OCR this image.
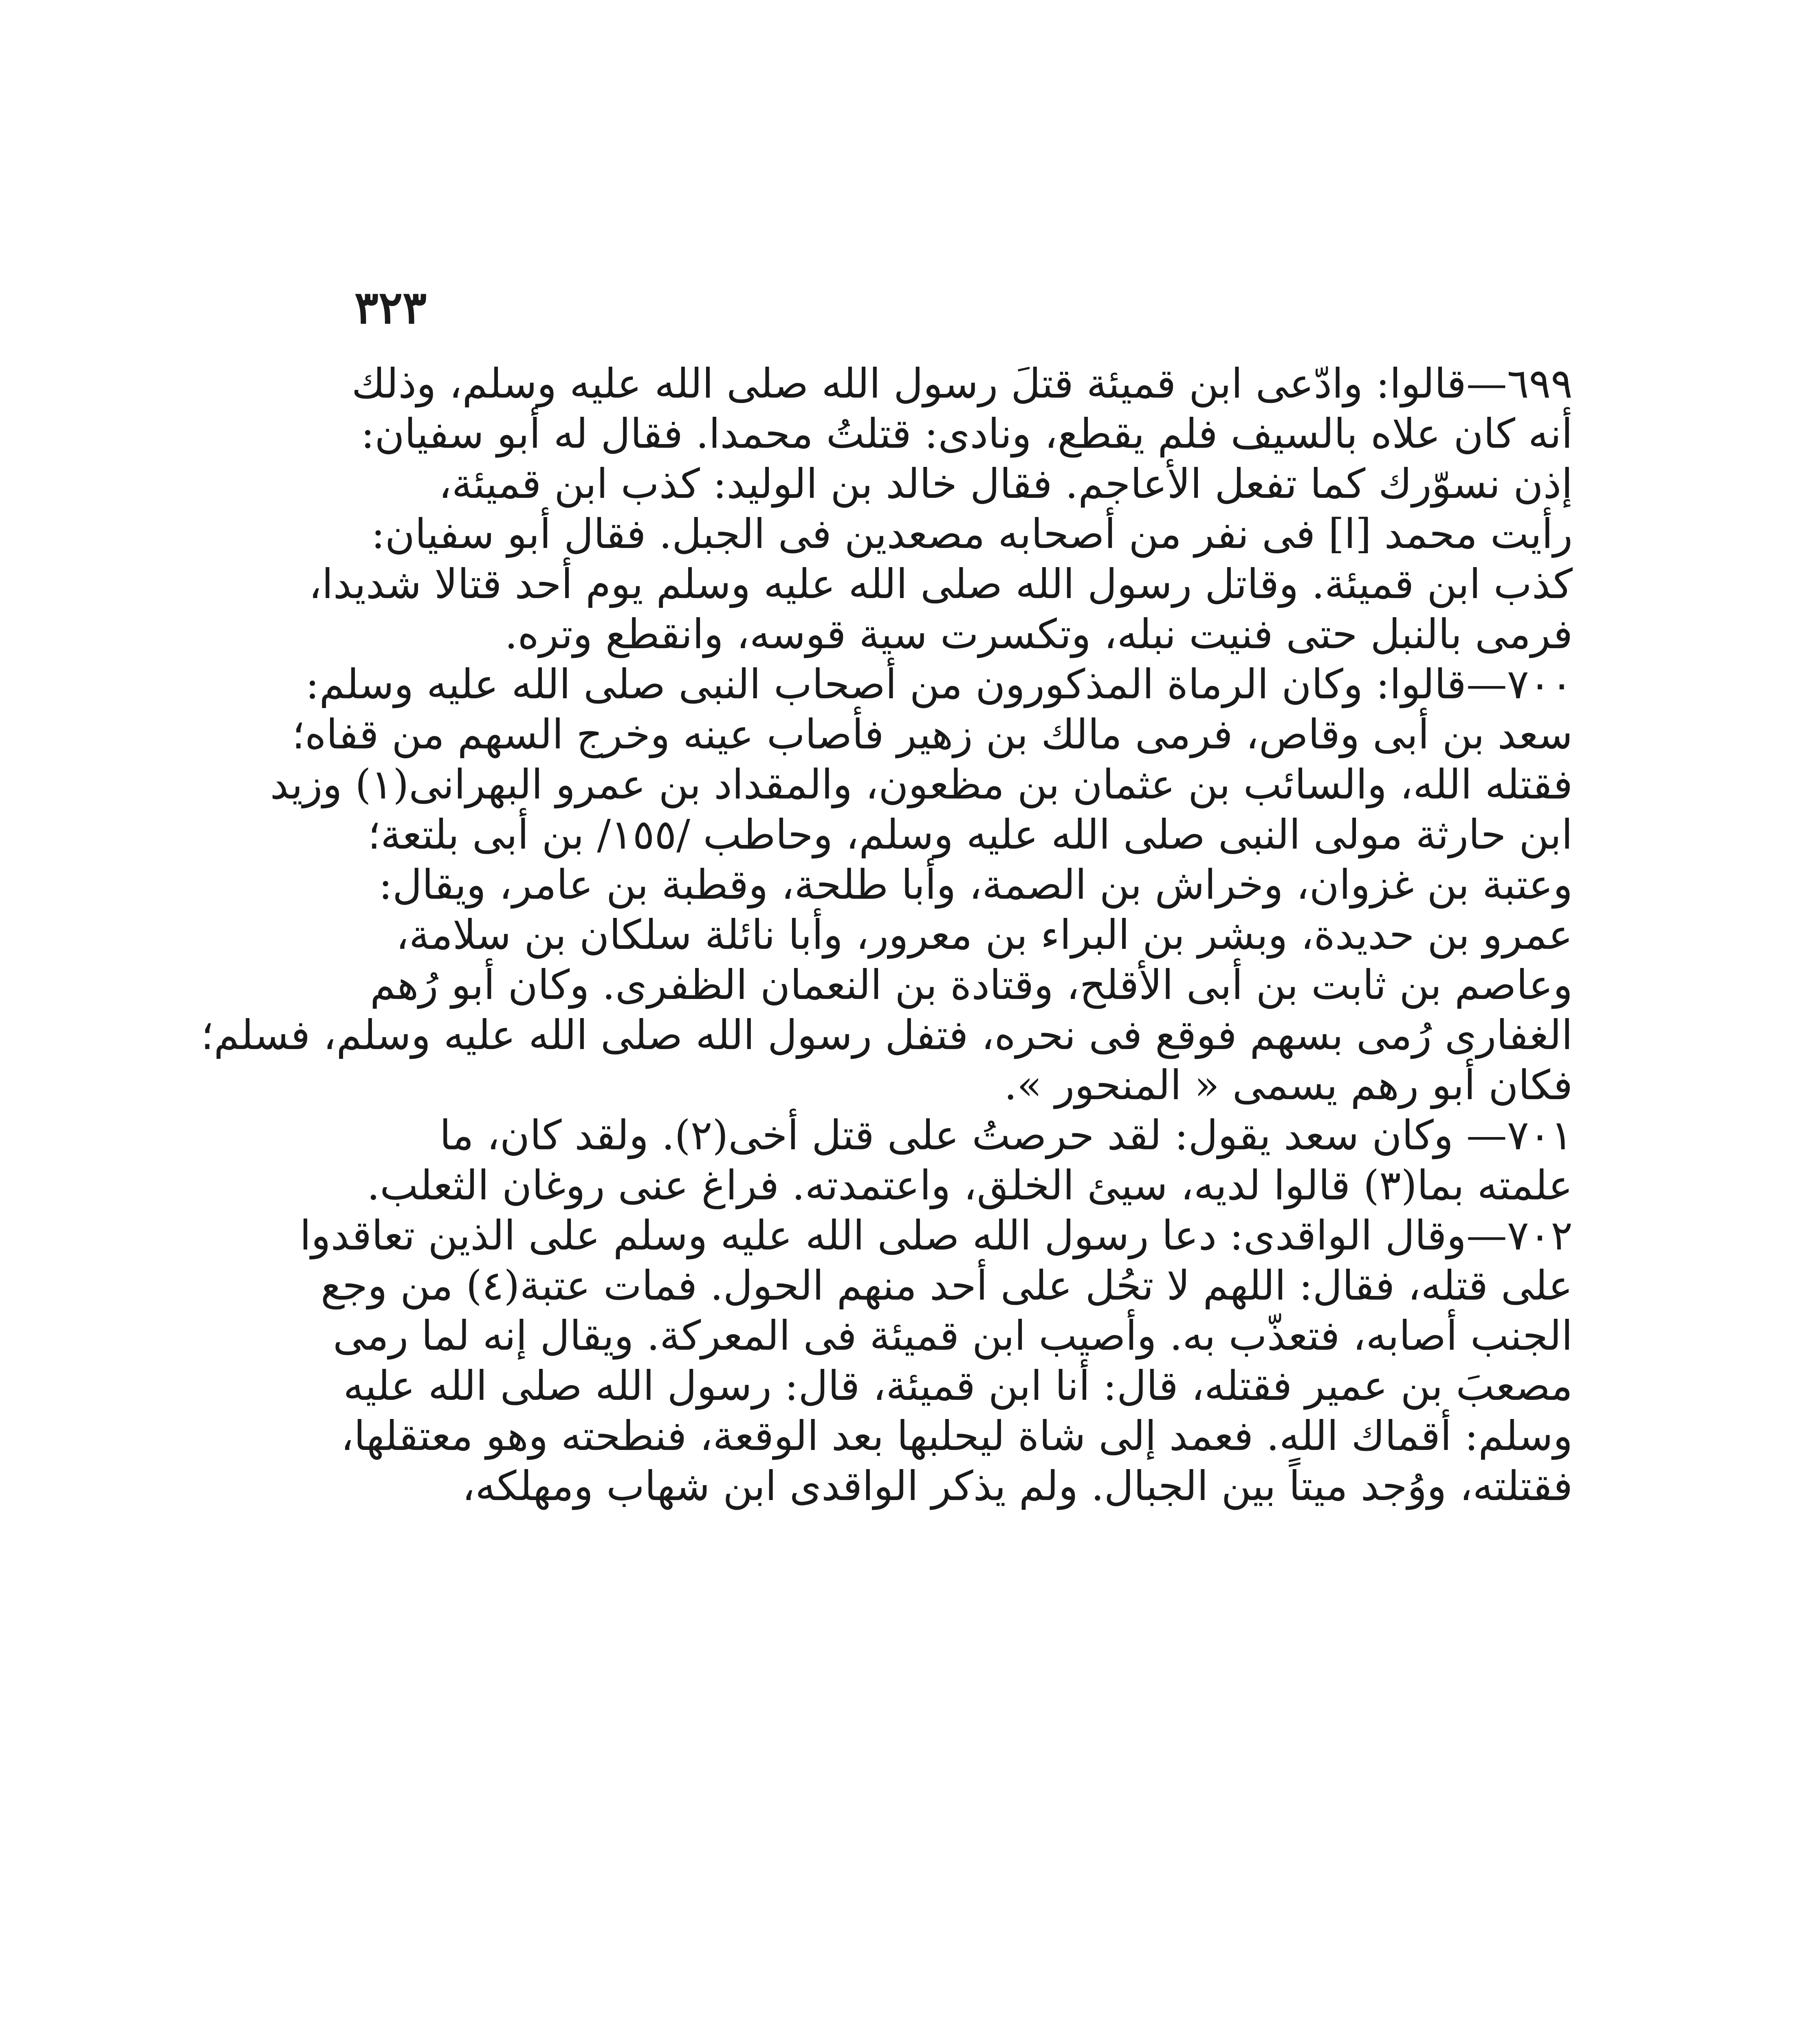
٣٢٣
٦٩٩—قالوا: وادّعى ابن قميئة قتلَ رسول الله صلى الله عليه وسلم، وذلك
أنه كان علاه بالسيف فلم يقطع، ونادى: قتلتُ محمدا. فقال له أبو سفيان:
إذن نسوّرك كما تفعل الأعاجم. فقال خالد بن الوليد: كذب ابن قميئة،
رأيت محمد [ا] فى نفر من أصحابه مصعدين فى الجبل. فقال أبو سفيان:
كذب ابن قميئة. وقاتل رسول الله صلى الله عليه وسلم يوم أحد قتالا شديدا،
فرمى بالنبل حتى فنيت نبله، وتكسرت سية قوسه، وانقطع وتره.
٧٠٠—قالوا: وكان الرماة المذكورون من أصحاب النبى صلى الله عليه وسلم:
سعد بن أبى وقاص، فرمى مالك بن زهير فأصاب عينه وخرج السهم من قفاه؛
فقتله الله، والسائب بن عثمان بن مظعون، والمقداد بن عمرو البهرانى(١) وزيد
ابن حارثة مولى النبى صلى الله عليه وسلم، وحاطب /١٥٥/ بن أبى بلتعة؛
وعتبة بن غزوان، وخراش بن الصمة، وأبا طلحة، وقطبة بن عامر، ويقال:
عمرو بن حديدة، وبشر بن البراء بن معرور، وأبا نائلة سلكان بن سلامة،
وعاصم بن ثابت بن أبى الأقلح، وقتادة بن النعمان الظفرى. وكان أبو رُهم
الغفارى رُمى بسهم فوقع فى نحره، فتفل رسول الله صلى الله عليه وسلم، فسلم؛
فكان أبو رهم يسمى « المنحور ».
٧٠١— وكان سعد يقول: لقد حرصتُ على قتل أخى(٢). ولقد كان، ما
علمته بما(٣) قالوا لديه، سيئ الخلق، واعتمدته. فراغ عنى روغان الثعلب.
٧٠٢—وقال الواقدى: دعا رسول الله صلى الله عليه وسلم على الذين تعاقدوا
على قتله، فقال: اللهم لا تحُل على أحد منهم الحول. فمات عتبة(٤) من وجع
الجنب أصابه، فتعذّب به. وأصيب ابن قميئة فى المعركة. ويقال إنه لما رمى
مصعبَ بن عمير فقتله، قال: أنا ابن قميئة، قال: رسول الله صلى الله عليه
وسلم: أقماك الله. فعمد إلى شاة ليحلبها بعد الوقعة، فنطحته وهو معتقلها،
فقتلته، ووُجد ميتاً بين الجبال. ولم يذكر الواقدى ابن شهاب ومهلكه،
